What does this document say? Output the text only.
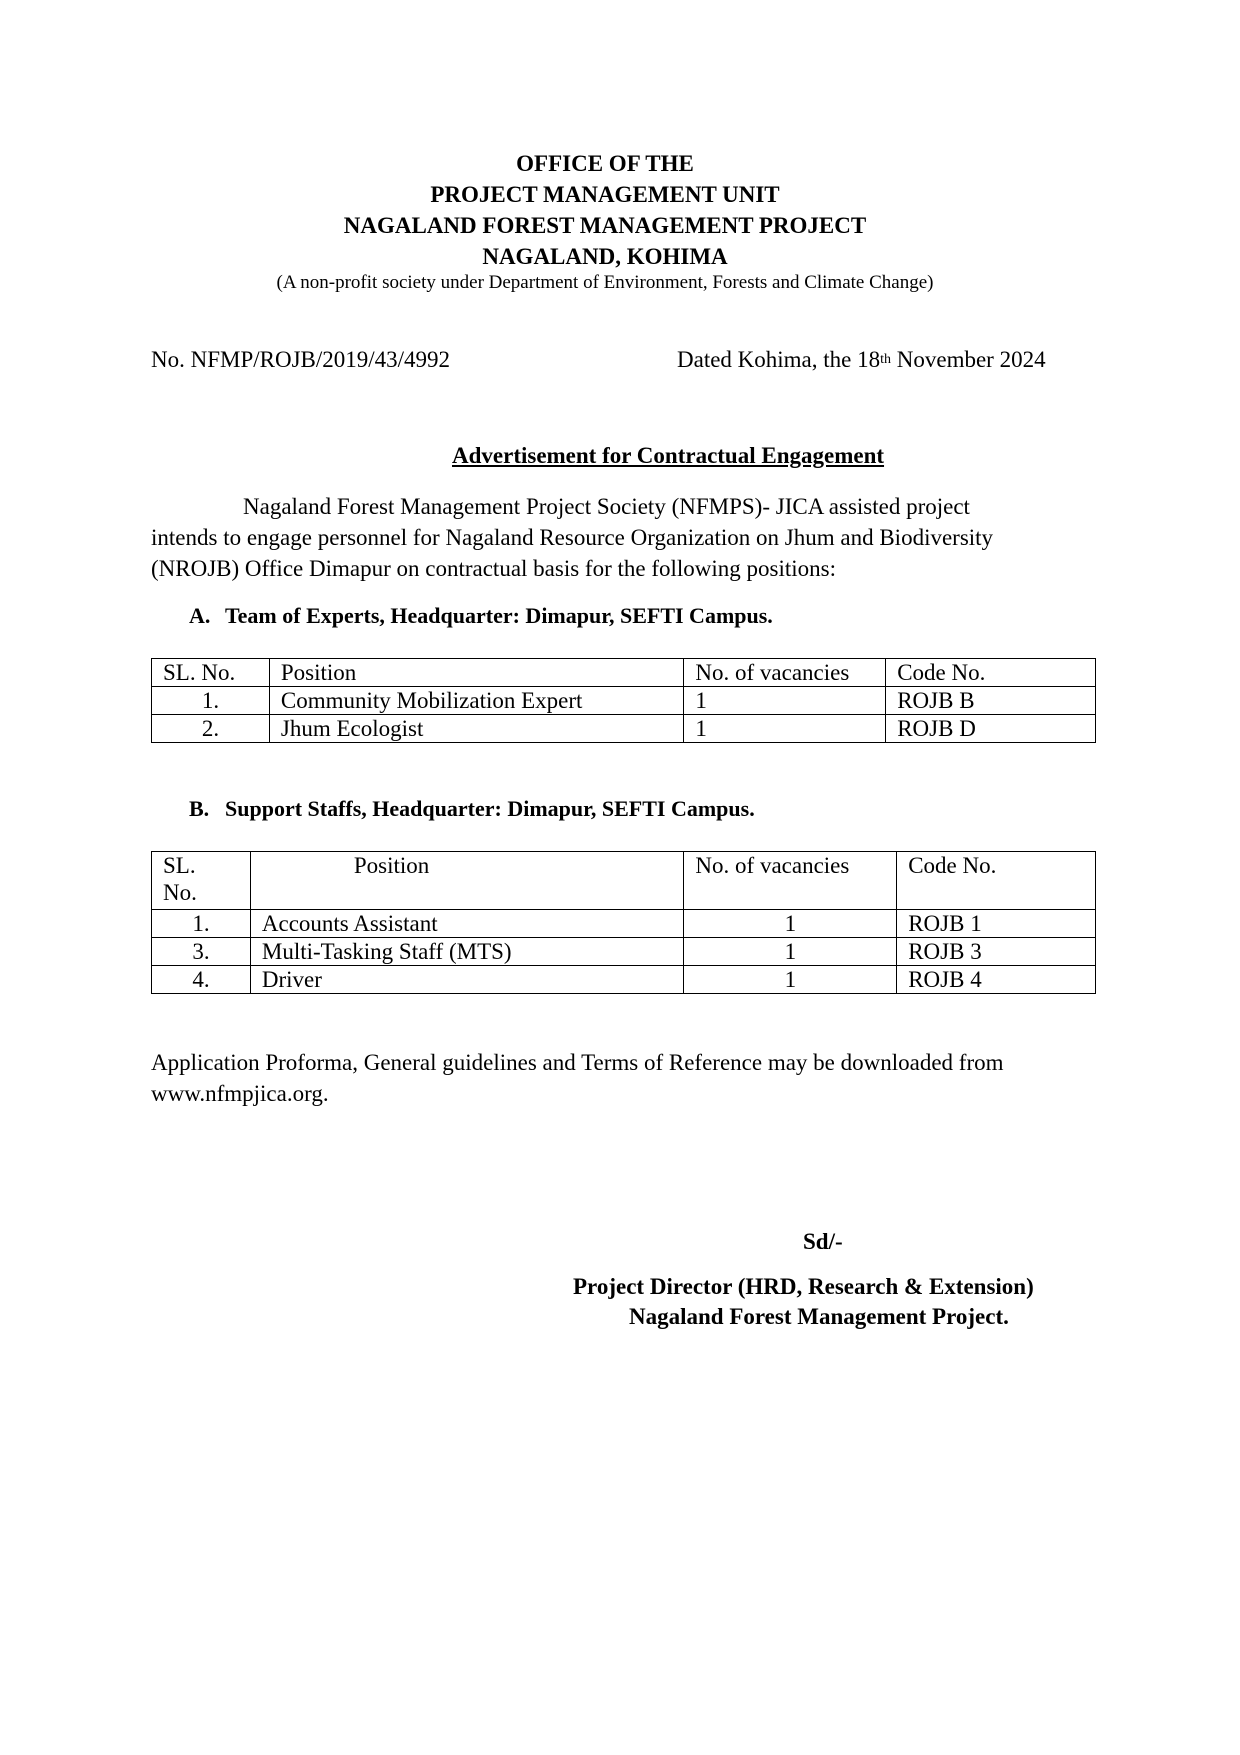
OFFICE OF THE
PROJECT MANAGEMENT UNIT
NAGALAND FOREST MANAGEMENT PROJECT
NAGALAND, KOHIMA
(A non-profit society under Department of Environment, Forests and Climate Change)
No. NFMP/ROJB/2019/43/4992	Dated Kohima, the 18th November 2024
Advertisement for Contractual Engagement
Nagaland Forest Management Project Society (NFMPS)- JICA assisted project
intends to engage personnel for Nagaland Resource Organization on Jhum and Biodiversity
(NROJB) Office Dimapur on contractual basis for the following positions:
A. Team of Experts, Headquarter: Dimapur, SEFTI Campus.
SL. No.	Position	No. of vacancies	Code No.
1.	Community Mobilization Expert	1	ROJB B
2.	Jhum Ecologist	1	ROJB D
B. Support Staffs, Headquarter: Dimapur, SEFTI Campus.
SL.
No.	Position	No. of vacancies	Code No.
1.	Accounts Assistant	1	ROJB 1
3.	Multi-Tasking Staff (MTS)	1	ROJB 3
4.	Driver	1	ROJB 4
Application Proforma, General guidelines and Terms of Reference may be downloaded from
www.nfmpjica.org.
Sd/-
Project Director (HRD, Research & Extension)
Nagaland Forest Management Project.
